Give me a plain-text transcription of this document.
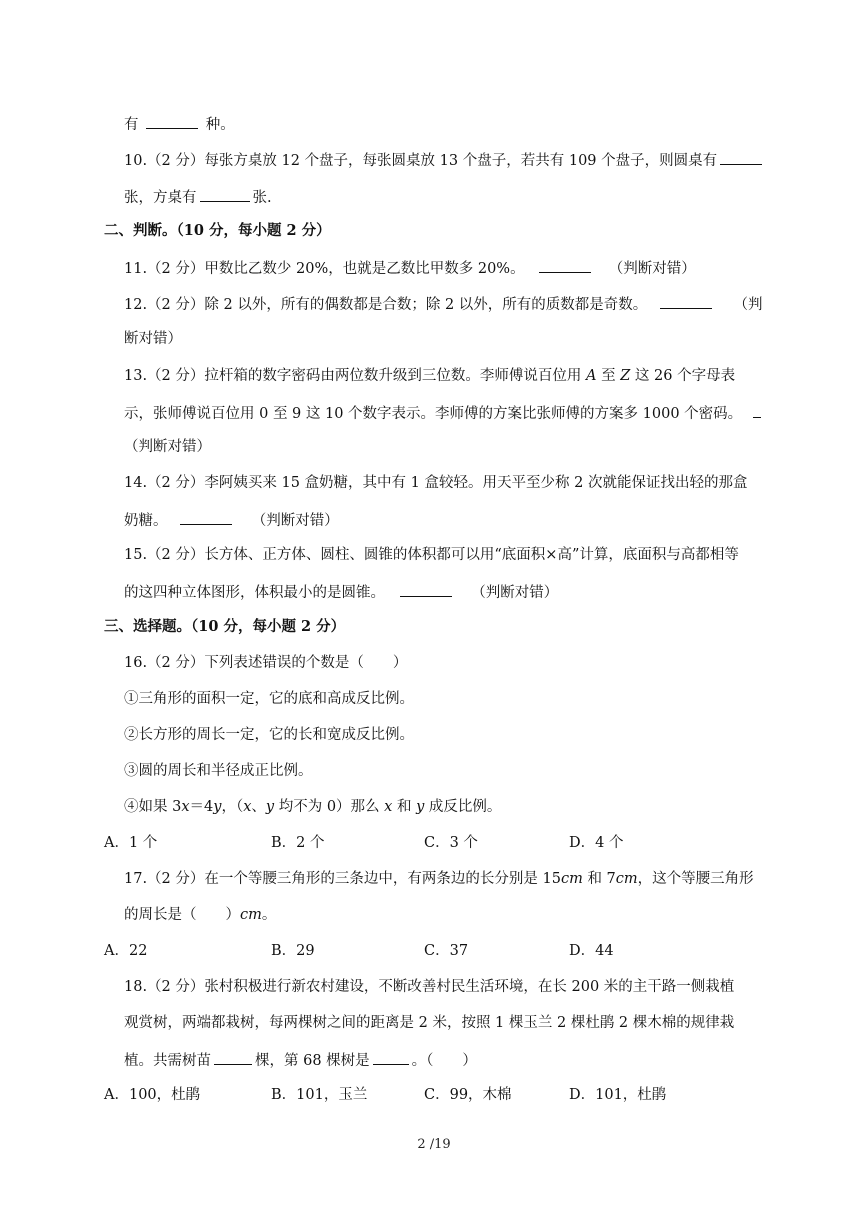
有	种。
10.（2 分）每张方桌放 12 个盘子，每张圆桌放 13 个盘子，若共有 109 个盘子，则圆桌有
张，方桌有	张.
二、判断。（10 分，每小题 2 分）
11.（2 分）甲数比乙数少 20%，也就是乙数比甲数多 20%。	（判断对错）
12.（2 分）除 2 以外，所有的偶数都是合数；除 2 以外，所有的质数都是奇数。	（判
断对错）
13.（2 分）拉杆箱的数字密码由两位数升级到三位数。李师傅说百位用 A 至 Z 这 26 个字母表
示，张师傅说百位用 0 至 9 这 10 个数字表示。李师傅的方案比张师傅的方案多 1000 个密码。
（判断对错）
14.（2 分）李阿姨买来 15 盒奶糖，其中有 1 盒较轻。用天平至少称 2 次就能保证找出轻的那盒
奶糖。	（判断对错）
15.（2 分）长方体、正方体、圆柱、圆锥的体积都可以用“底面积×高”计算，底面积与高都相等
的这四种立体图形，体积最小的是圆锥。	（判断对错）
三、选择题。（10 分，每小题 2 分）
16.（2 分）下列表述错误的个数是（　　）
①三角形的面积一定，它的底和高成反比例。
②长方形的周长一定，它的长和宽成反比例。
③圆的周长和半径成正比例。
④如果 3x＝4y，（x、y 均不为 0）那么 x 和 y 成反比例。
A．1 个	B．2 个	C．3 个	D．4 个
17.（2 分）在一个等腰三角形的三条边中，有两条边的长分别是 15cm 和 7cm，这个等腰三角形
的周长是（　　）cm。
A．22	B．29	C．37	D．44
18.（2 分）张村积极进行新农村建设，不断改善村民生活环境，在长 200 米的主干路一侧栽植
观赏树，两端都栽树，每两棵树之间的距离是 2 米，按照 1 棵玉兰 2 棵杜鹃 2 棵木棉的规律栽
植。共需树苗	棵，第 68 棵树是	。（　　）
A．100，杜鹃	B．101，玉兰	C．99，木棉	D．101，杜鹃
2 /19
